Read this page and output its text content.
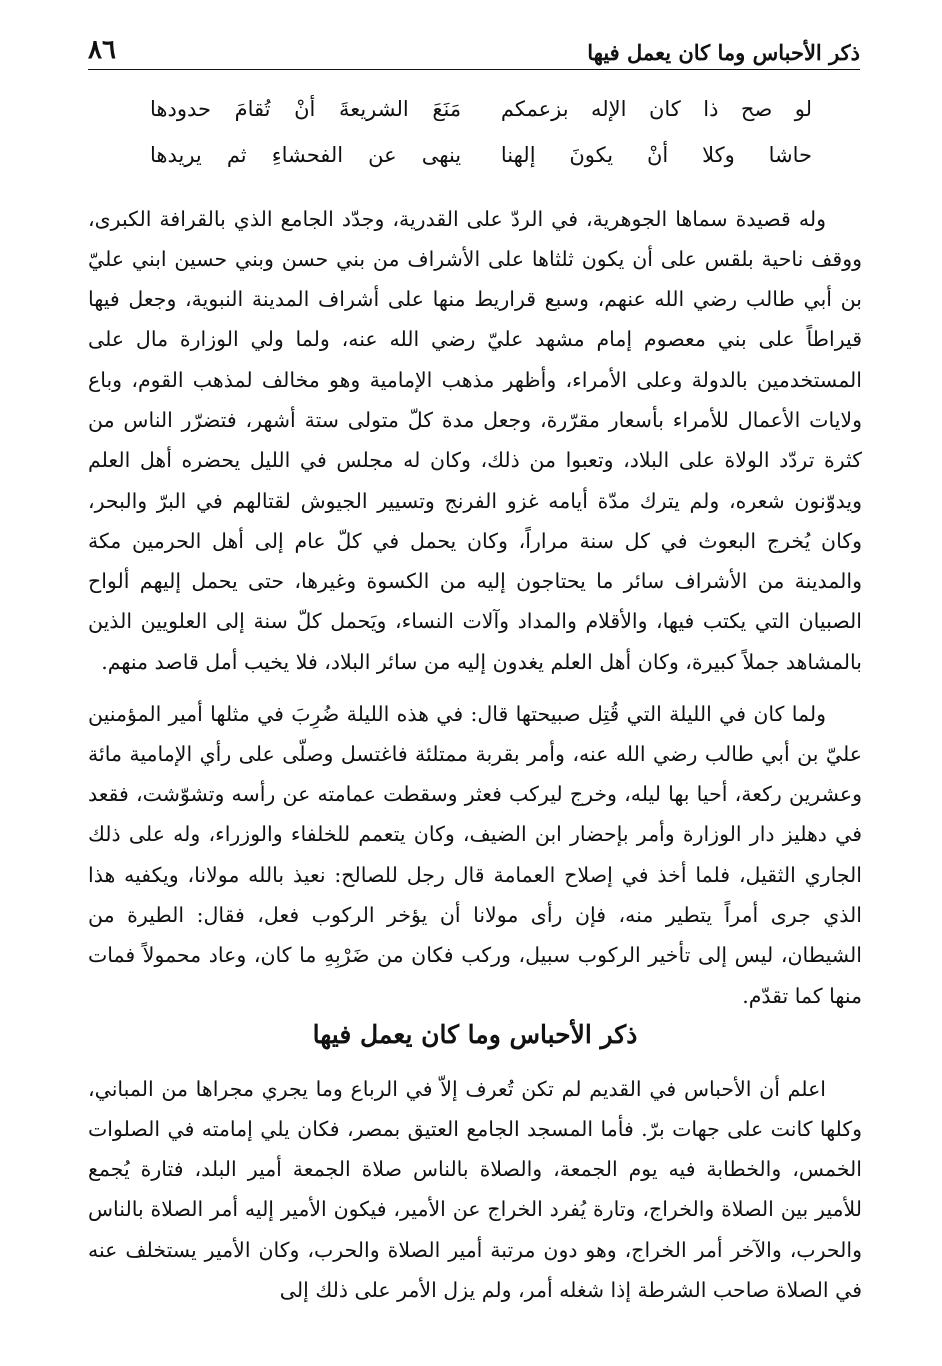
ذكر الأحباس وما كان يعمل فيها
٨٦
لو صح ذا كان الإله بزعمكم
مَنَعَ الشريعةَ أنْ تُقامَ حدودها
حاشا وكلا أنْ يكونَ إلهنا
ينهى عن الفحشاءِ ثم يريدها

وله قصيدة سماها الجوهرية، في الردّ على القدرية، وجدّد الجامع الذي بالقرافة الكبرى، ووقف ناحية بلقس على أن يكون ثلثاها على الأشراف من بني حسن وبني حسين ابني عليّ بن أبي طالب رضي الله عنهم، وسبع قراريط منها على أشراف المدينة النبوية، وجعل فيها قيراطاً على بني معصوم إمام مشهد عليّ رضي الله عنه، ولما ولي الوزارة مال على المستخدمين بالدولة وعلى الأمراء، وأظهر مذهب الإمامية وهو مخالف لمذهب القوم، وباع ولايات الأعمال للأمراء بأسعار مقرّرة، وجعل مدة كلّ متولى ستة أشهر، فتضرّر الناس من كثرة تردّد الولاة على البلاد، وتعبوا من ذلك، وكان له مجلس في الليل يحضره أهل العلم ويدوّنون شعره، ولم يترك مدّة أيامه غزو الفرنج وتسيير الجيوش لقتالهم في البرّ والبحر، وكان يُخرج البعوث في كل سنة مراراً، وكان يحمل في كلّ عام إلى أهل الحرمين مكة والمدينة من الأشراف سائر ما يحتاجون إليه من الكسوة وغيرها، حتى يحمل إليهم ألواح الصبيان التي يكتب فيها، والأقلام والمداد وآلات النساء، ويَحمل كلّ سنة إلى العلويين الذين بالمشاهد جملاً كبيرة، وكان أهل العلم يغدون إليه من سائر البلاد، فلا يخيب أمل قاصد منهم.

ولما كان في الليلة التي قُتِل صبيحتها قال: في هذه الليلة ضُرِبَ في مثلها أمير المؤمنين عليّ بن أبي طالب رضي الله عنه، وأمر بقربة ممتلئة فاغتسل وصلّى على رأي الإمامية مائة وعشرين ركعة، أحيا بها ليله، وخرج ليركب فعثر وسقطت عمامته عن رأسه وتشوّشت، فقعد في دهليز دار الوزارة وأمر بإحضار ابن الضيف، وكان يتعمم للخلفاء والوزراء، وله على ذلك الجاري الثقيل، فلما أخذ في إصلاح العمامة قال رجل للصالح: نعيذ بالله مولانا، ويكفيه هذا الذي جرى أمراً يتطير منه، فإن رأى مولانا أن يؤخر الركوب فعل، فقال: الطيرة من الشيطان، ليس إلى تأخير الركوب سبيل، وركب فكان من ضَرْبِهِ ما كان، وعاد محمولاً فمات منها كما تقدّم.

ذكر الأحباس وما كان يعمل فيها

اعلم أن الأحباس في القديم لم تكن تُعرف إلاّ في الرباع وما يجري مجراها من المباني، وكلها كانت على جهات برّ. فأما المسجد الجامع العتيق بمصر، فكان يلي إمامته في الصلوات الخمس، والخطابة فيه يوم الجمعة، والصلاة بالناس صلاة الجمعة أمير البلد، فتارة يُجمع للأمير بين الصلاة والخراج، وتارة يُفرد الخراج عن الأمير، فيكون الأمير إليه أمر الصلاة بالناس والحرب، والآخر أمر الخراج، وهو دون مرتبة أمير الصلاة والحرب، وكان الأمير يستخلف عنه في الصلاة صاحب الشرطة إذا شغله أمر، ولم يزل الأمر على ذلك إلى
